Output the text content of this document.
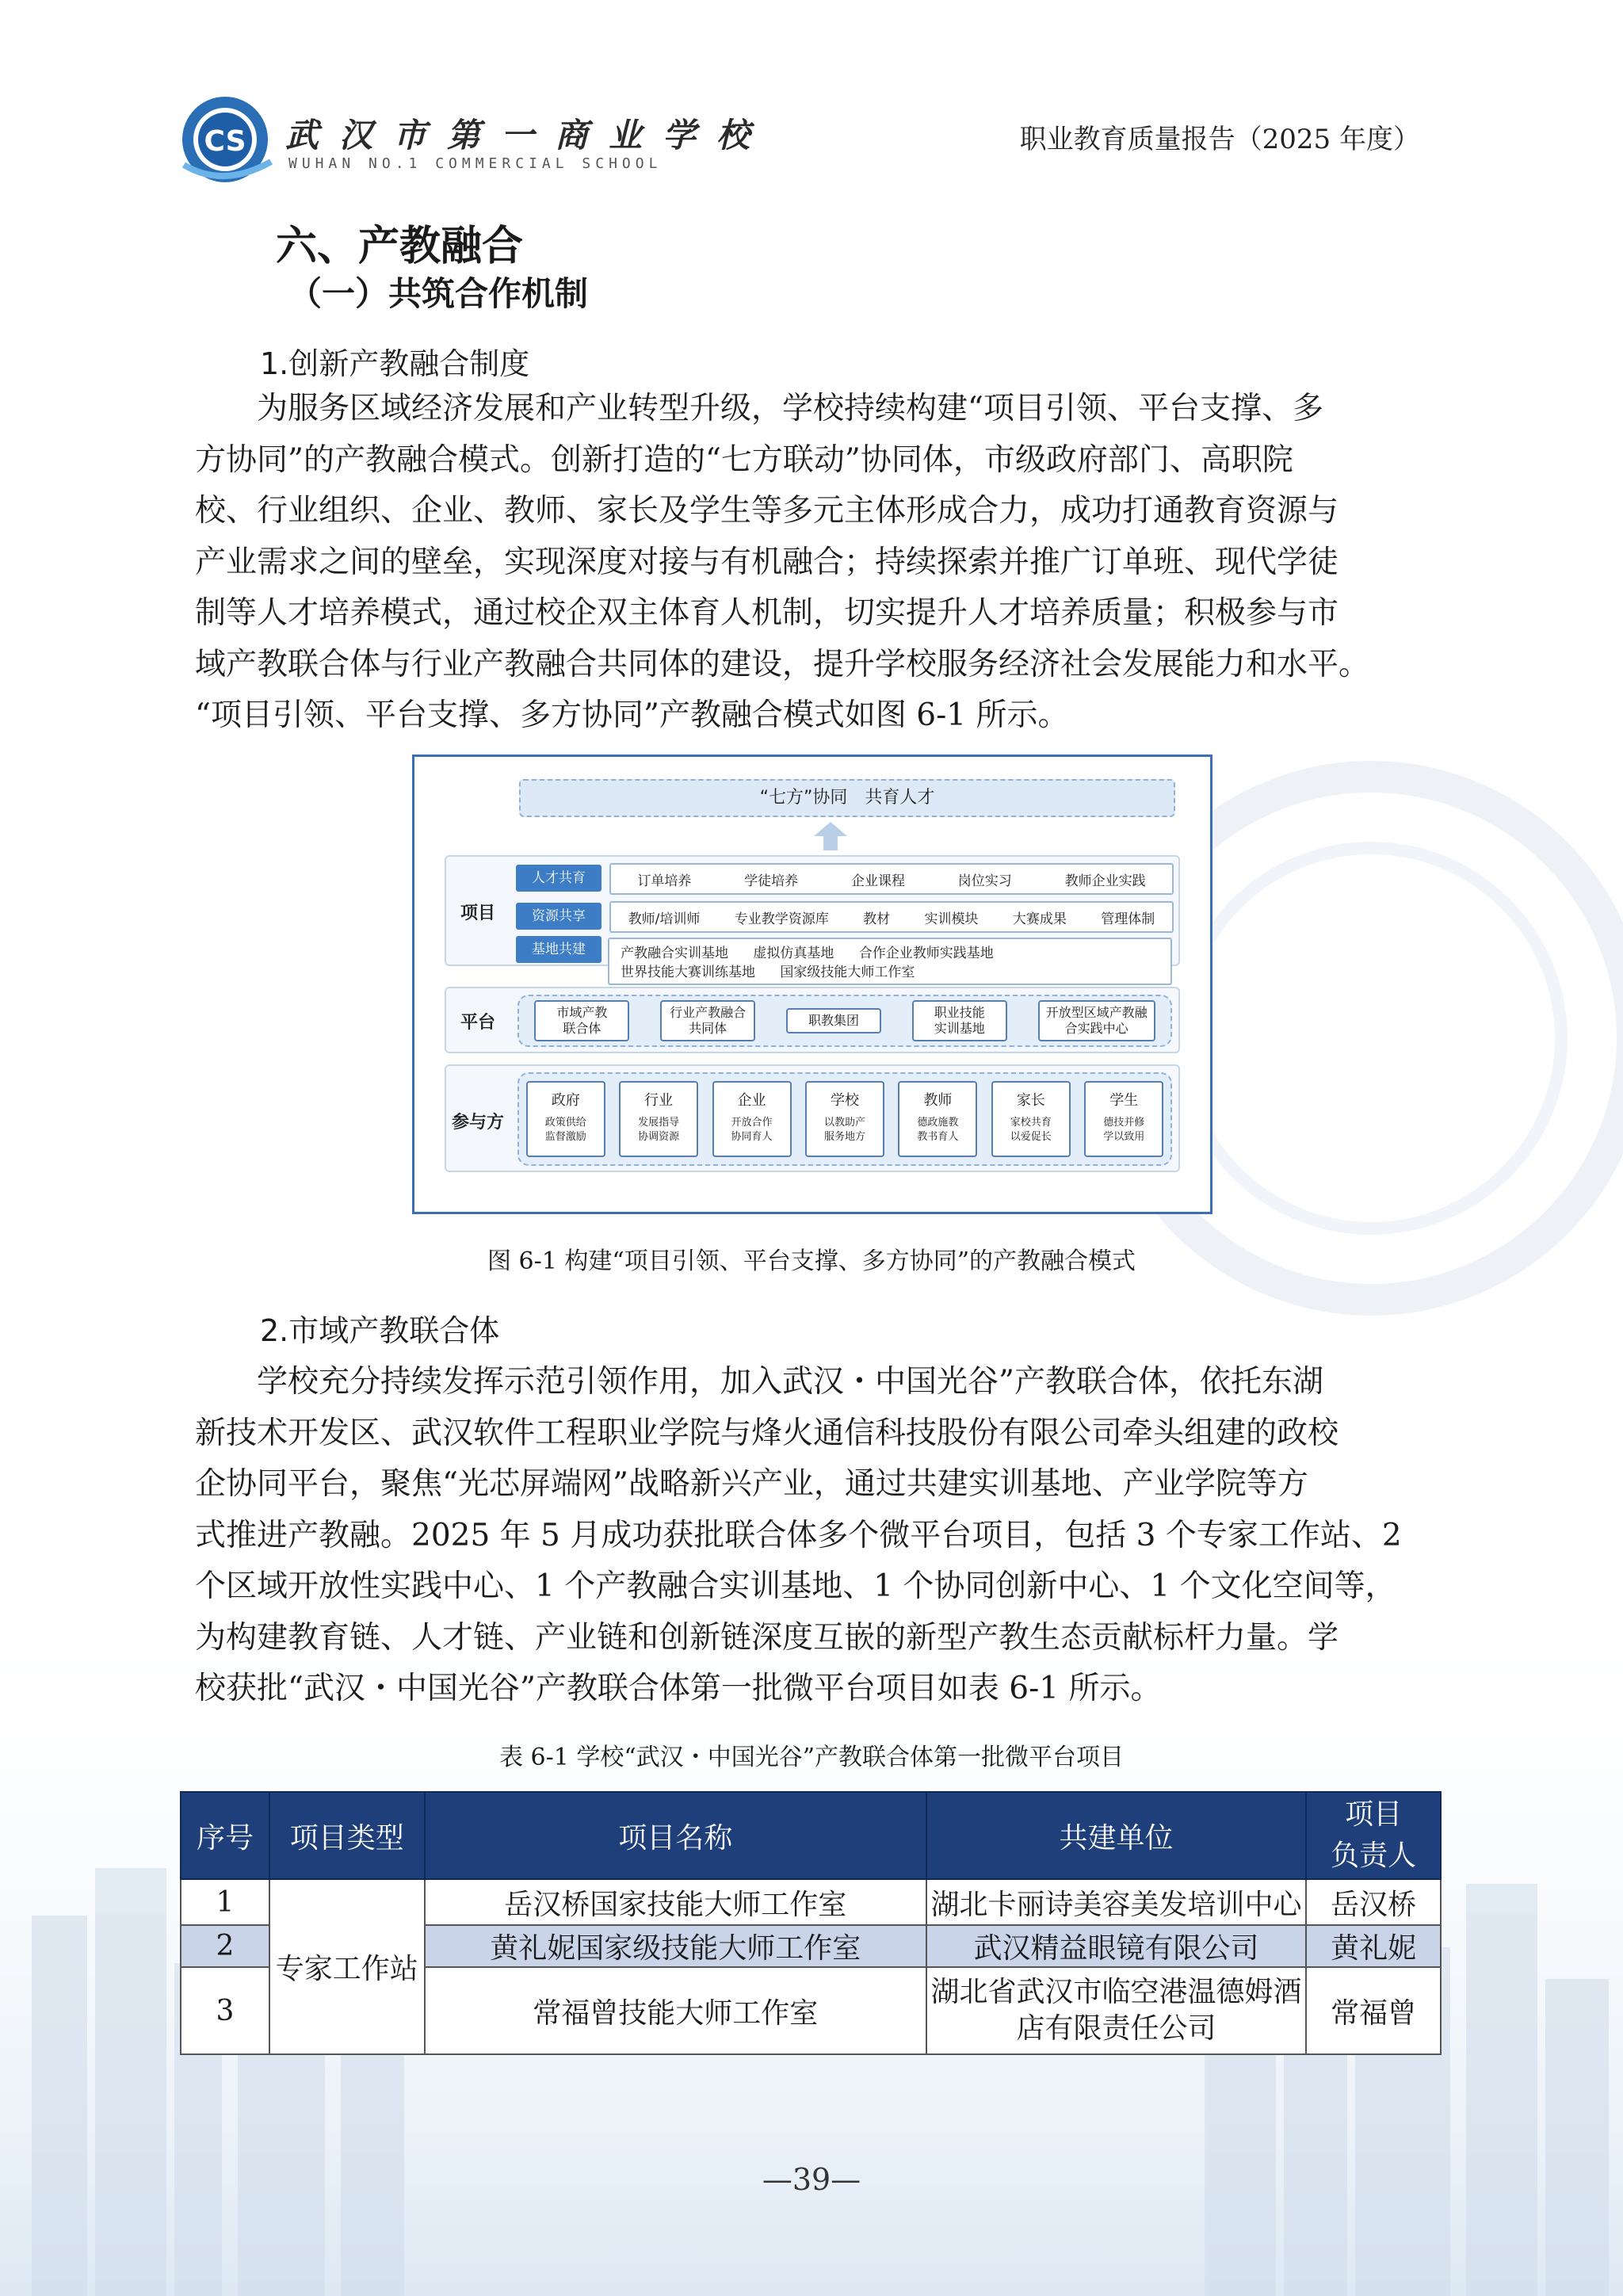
CS 武汉市第一商业学校
WUHAN NO.1 COMMERCIAL SCHOOL
职业教育质量报告（2025 年度）
六、产教融合
（一）共筑合作机制
1.创新产教融合制度
　　为服务区域经济发展和产业转型升级，学校持续构建“项目引领、平台支撑、多
方协同”的产教融合模式。创新打造的“七方联动”协同体，市级政府部门、高职院
校、行业组织、企业、教师、家长及学生等多元主体形成合力，成功打通教育资源与
产业需求之间的壁垒，实现深度对接与有机融合；持续探索并推广订单班、现代学徒
制等人才培养模式，通过校企双主体育人机制，切实提升人才培养质量；积极参与市
域产教联合体与行业产教融合共同体的建设，提升学校服务经济社会发展能力和水平。
“项目引领、平台支撑、多方协同”产教融合模式如图 6-1 所示。
“七方”协同　共育人才
项目
人才共育	订单培养	学徒培养	企业课程	岗位实习	教师企业实践
资源共享	教师/培训师	专业教学资源库	教材	实训模块	大赛成果	管理体制
基地共建	产教融合实训基地 虚拟仿真基地 合作企业教师实践基地
世界技能大赛训练基地 国家级技能大师工作室
平台
市域产教
联合体
行业产教融合
共同体
职教集团
职业技能
实训基地
开放型区域产教融
合实践中心
参与方
政府
政策供给
监督激励
行业
发展指导
协调资源
企业
开放合作
协同育人
学校
以教助产
服务地方
教师
德政施教
教书育人
家长
家校共育
以爱促长
学生
德技并修
学以致用
图 6-1 构建“项目引领、平台支撑、多方协同”的产教融合模式
2.市域产教联合体
　　学校充分持续发挥示范引领作用，加入武汉・中国光谷”产教联合体，依托东湖
新技术开发区、武汉软件工程职业学院与烽火通信科技股份有限公司牵头组建的政校
企协同平台，聚焦“光芯屏端网”战略新兴产业，通过共建实训基地、产业学院等方
式推进产教融。2025 年 5 月成功获批联合体多个微平台项目，包括 3 个专家工作站、2
个区域开放性实践中心、1 个产教融合实训基地、1 个协同创新中心、1 个文化空间等，
为构建教育链、人才链、产业链和创新链深度互嵌的新型产教生态贡献标杆力量。学
校获批“武汉・中国光谷”产教联合体第一批微平台项目如表 6-1 所示。
表 6-1 学校“武汉・中国光谷”产教联合体第一批微平台项目
序号	项目类型	项目名称	共建单位	项目
负责人
1	专家工作站	岳汉桥国家技能大师工作室	湖北卡丽诗美容美发培训中心	岳汉桥
2		黄礼妮国家级技能大师工作室	武汉精益眼镜有限公司	黄礼妮
3		常福曾技能大师工作室	湖北省武汉市临空港温德姆酒
店有限责任公司	常福曾
—39—
